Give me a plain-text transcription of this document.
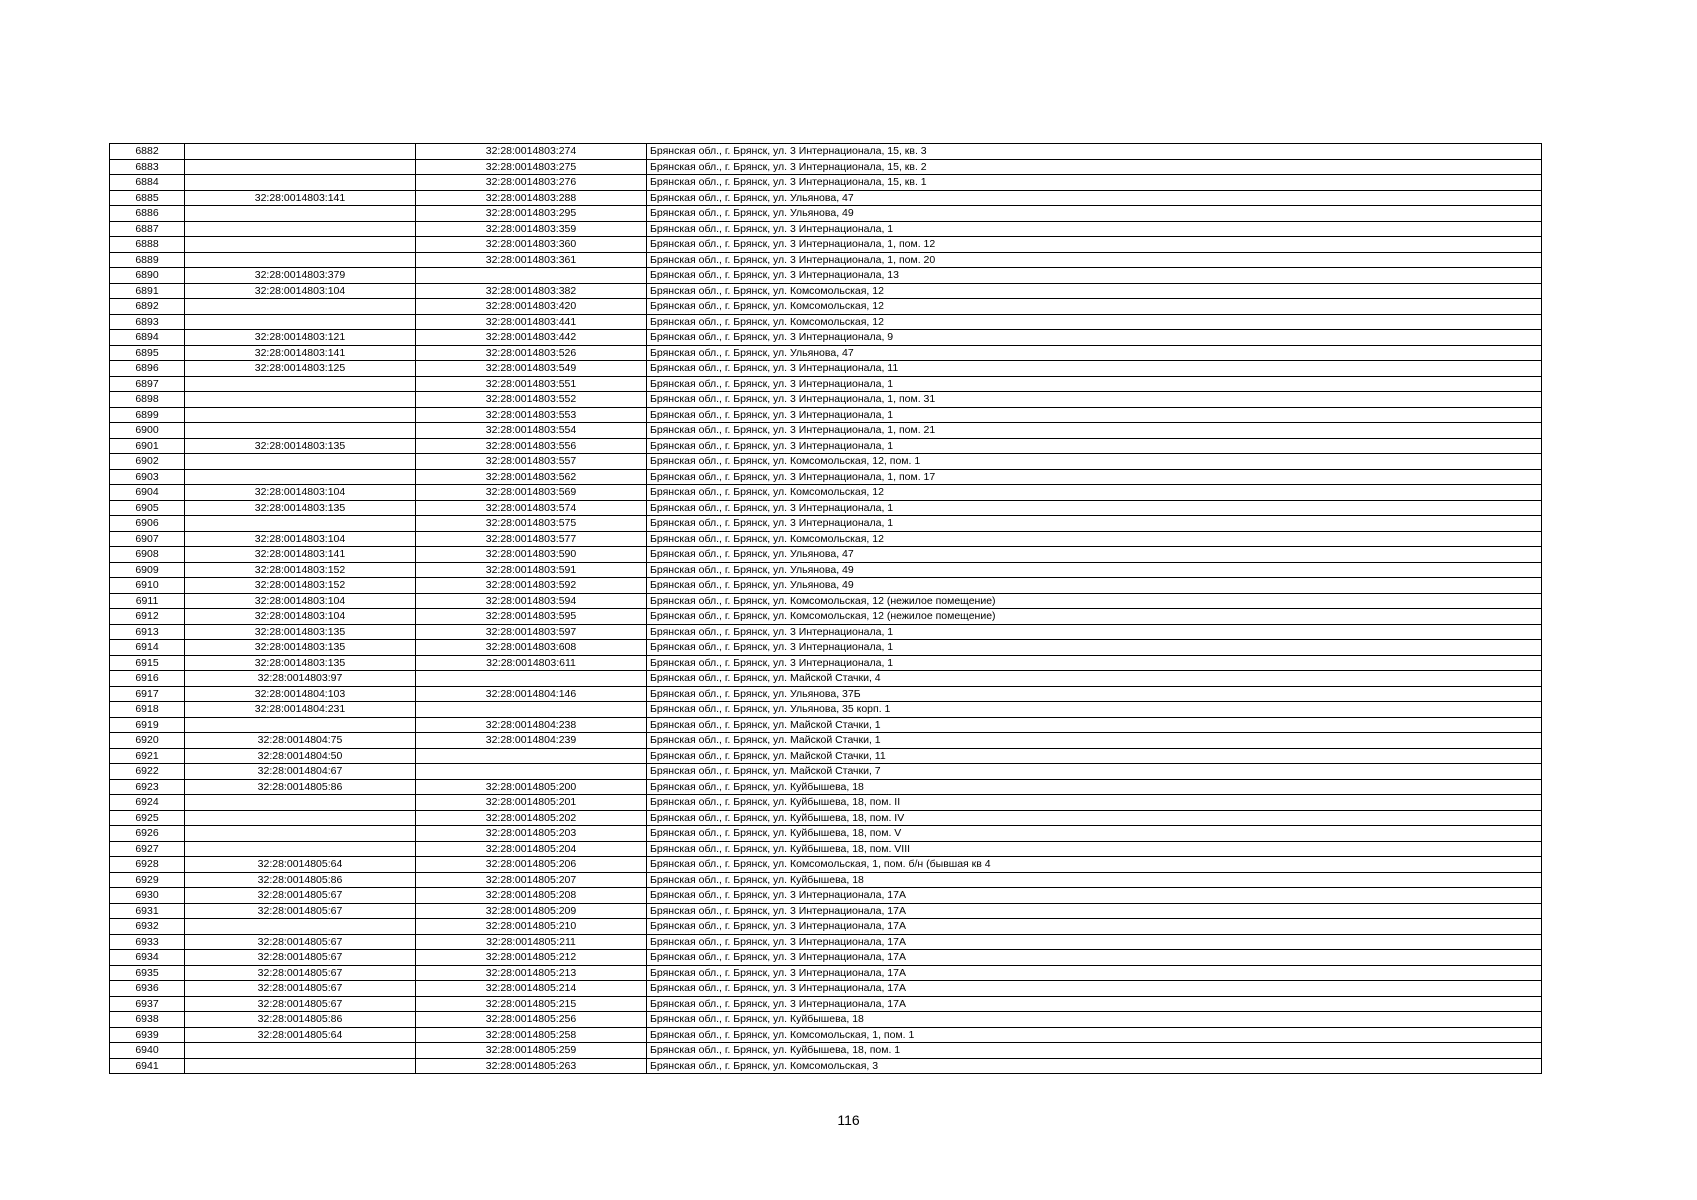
6882		32:28:0014803:274	Брянская обл., г. Брянск, ул. 3 Интернационала, 15, кв. 3
6883		32:28:0014803:275	Брянская обл., г. Брянск, ул. 3 Интернационала, 15, кв. 2
6884		32:28:0014803:276	Брянская обл., г. Брянск, ул. 3 Интернационала, 15, кв. 1
6885	32:28:0014803:141	32:28:0014803:288	Брянская обл., г. Брянск, ул. Ульянова, 47
6886		32:28:0014803:295	Брянская обл., г. Брянск, ул. Ульянова, 49
6887		32:28:0014803:359	Брянская обл., г. Брянск, ул. 3 Интернационала, 1
6888		32:28:0014803:360	Брянская обл., г. Брянск, ул. 3 Интернационала, 1, пом. 12
6889		32:28:0014803:361	Брянская обл., г. Брянск, ул. 3 Интернационала, 1, пом. 20
6890	32:28:0014803:379		Брянская обл., г. Брянск, ул. 3 Интернационала, 13
6891	32:28:0014803:104	32:28:0014803:382	Брянская обл., г. Брянск, ул. Комсомольская, 12
6892		32:28:0014803:420	Брянская обл., г. Брянск, ул. Комсомольская, 12
6893		32:28:0014803:441	Брянская обл., г. Брянск, ул. Комсомольская, 12
6894	32:28:0014803:121	32:28:0014803:442	Брянская обл., г. Брянск, ул. 3 Интернационала, 9
6895	32:28:0014803:141	32:28:0014803:526	Брянская обл., г. Брянск, ул. Ульянова, 47
6896	32:28:0014803:125	32:28:0014803:549	Брянская обл., г. Брянск, ул. 3 Интернационала, 11
6897		32:28:0014803:551	Брянская обл., г. Брянск, ул. 3 Интернационала, 1
6898		32:28:0014803:552	Брянская обл., г. Брянск, ул. 3 Интернационала, 1, пом. 31
6899		32:28:0014803:553	Брянская обл., г. Брянск, ул. 3 Интернационала, 1
6900		32:28:0014803:554	Брянская обл., г. Брянск, ул. 3 Интернационала, 1, пом. 21
6901	32:28:0014803:135	32:28:0014803:556	Брянская обл., г. Брянск, ул. 3 Интернационала, 1
6902		32:28:0014803:557	Брянская обл., г. Брянск, ул. Комсомольская, 12, пом. 1
6903		32:28:0014803:562	Брянская обл., г. Брянск, ул. 3 Интернационала, 1, пом. 17
6904	32:28:0014803:104	32:28:0014803:569	Брянская обл., г. Брянск, ул. Комсомольская, 12
6905	32:28:0014803:135	32:28:0014803:574	Брянская обл., г. Брянск, ул. 3 Интернационала, 1
6906		32:28:0014803:575	Брянская обл., г. Брянск, ул. 3 Интернационала, 1
6907	32:28:0014803:104	32:28:0014803:577	Брянская обл., г. Брянск, ул. Комсомольская, 12
6908	32:28:0014803:141	32:28:0014803:590	Брянская обл., г. Брянск, ул. Ульянова, 47
6909	32:28:0014803:152	32:28:0014803:591	Брянская обл., г. Брянск, ул. Ульянова, 49
6910	32:28:0014803:152	32:28:0014803:592	Брянская обл., г. Брянск, ул. Ульянова, 49
6911	32:28:0014803:104	32:28:0014803:594	Брянская обл., г. Брянск, ул. Комсомольская, 12 (нежилое помещение)
6912	32:28:0014803:104	32:28:0014803:595	Брянская обл., г. Брянск, ул. Комсомольская, 12 (нежилое помещение)
6913	32:28:0014803:135	32:28:0014803:597	Брянская обл., г. Брянск, ул. 3 Интернационала, 1
6914	32:28:0014803:135	32:28:0014803:608	Брянская обл., г. Брянск, ул. 3 Интернационала, 1
6915	32:28:0014803:135	32:28:0014803:611	Брянская обл., г. Брянск, ул. 3 Интернационала, 1
6916	32:28:0014803:97		Брянская обл., г. Брянск, ул. Майской Стачки, 4
6917	32:28:0014804:103	32:28:0014804:146	Брянская обл., г. Брянск, ул. Ульянова, 37Б
6918	32:28:0014804:231		Брянская обл., г. Брянск, ул. Ульянова, 35 корп. 1
6919		32:28:0014804:238	Брянская обл., г. Брянск, ул. Майской Стачки, 1
6920	32:28:0014804:75	32:28:0014804:239	Брянская обл., г. Брянск, ул. Майской Стачки, 1
6921	32:28:0014804:50		Брянская обл., г. Брянск, ул. Майской Стачки, 11
6922	32:28:0014804:67		Брянская обл., г. Брянск, ул. Майской Стачки, 7
6923	32:28:0014805:86	32:28:0014805:200	Брянская обл., г. Брянск, ул. Куйбышева, 18
6924		32:28:0014805:201	Брянская обл., г. Брянск, ул. Куйбышева, 18, пом. II
6925		32:28:0014805:202	Брянская обл., г. Брянск, ул. Куйбышева, 18, пом. IV
6926		32:28:0014805:203	Брянская обл., г. Брянск, ул. Куйбышева, 18, пом. V
6927		32:28:0014805:204	Брянская обл., г. Брянск, ул. Куйбышева, 18, пом. VIII
6928	32:28:0014805:64	32:28:0014805:206	Брянская обл., г. Брянск, ул. Комсомольская, 1, пом. б/н (бывшая кв 4
6929	32:28:0014805:86	32:28:0014805:207	Брянская обл., г. Брянск, ул. Куйбышева, 18
6930	32:28:0014805:67	32:28:0014805:208	Брянская обл., г. Брянск, ул. 3 Интернационала, 17А
6931	32:28:0014805:67	32:28:0014805:209	Брянская обл., г. Брянск, ул. 3 Интернационала, 17А
6932		32:28:0014805:210	Брянская обл., г. Брянск, ул. 3 Интернационала, 17А
6933	32:28:0014805:67	32:28:0014805:211	Брянская обл., г. Брянск, ул. 3 Интернационала, 17А
6934	32:28:0014805:67	32:28:0014805:212	Брянская обл., г. Брянск, ул. 3 Интернационала, 17А
6935	32:28:0014805:67	32:28:0014805:213	Брянская обл., г. Брянск, ул. 3 Интернационала, 17А
6936	32:28:0014805:67	32:28:0014805:214	Брянская обл., г. Брянск, ул. 3 Интернационала, 17А
6937	32:28:0014805:67	32:28:0014805:215	Брянская обл., г. Брянск, ул. 3 Интернационала, 17А
6938	32:28:0014805:86	32:28:0014805:256	Брянская обл., г. Брянск, ул. Куйбышева, 18
6939	32:28:0014805:64	32:28:0014805:258	Брянская обл., г. Брянск, ул. Комсомольская, 1, пом. 1
6940		32:28:0014805:259	Брянская обл., г. Брянск, ул. Куйбышева, 18, пом. 1
6941		32:28:0014805:263	Брянская обл., г. Брянск, ул. Комсомольская, 3
116
